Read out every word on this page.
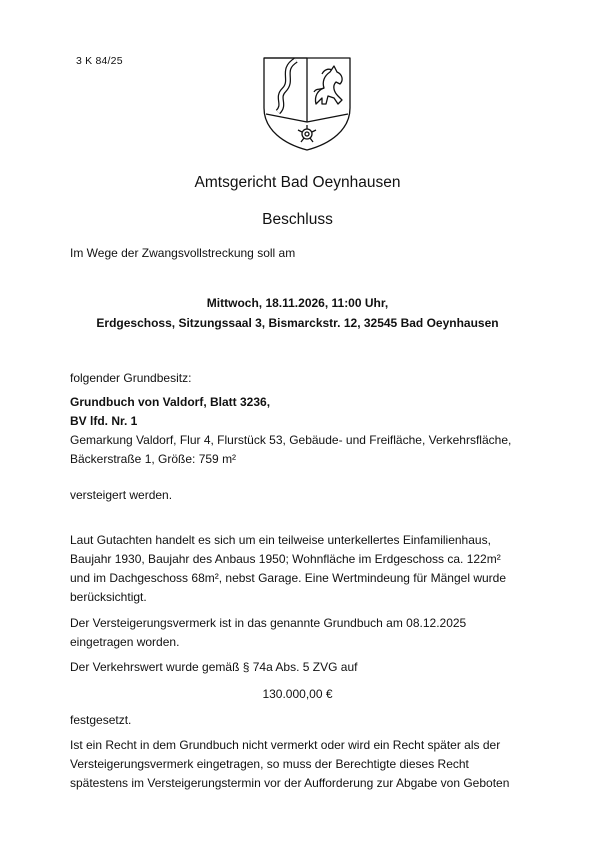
3 K 84/25
Amtsgericht Bad Oeynhausen
Beschluss
Im Wege der Zwangsvollstreckung soll am
Mittwoch, 18.11.2026, 11:00 Uhr,
Erdgeschoss, Sitzungssaal 3, Bismarckstr. 12, 32545 Bad Oeynhausen
folgender Grundbesitz:
Grundbuch von Valdorf, Blatt 3236,
BV lfd. Nr. 1
Gemarkung Valdorf, Flur 4, Flurstück 53, Gebäude- und Freifläche, Verkehrsfläche,
Bäckerstraße 1, Größe: 759 m²
versteigert werden.
Laut Gutachten handelt es sich um ein teilweise unterkellertes Einfamilienhaus,
Baujahr 1930, Baujahr des Anbaus 1950; Wohnfläche im Erdgeschoss ca. 122m²
und im Dachgeschoss 68m², nebst Garage. Eine Wertmindeung für Mängel wurde
berücksichtigt.
Der Versteigerungsvermerk ist in das genannte Grundbuch am 08.12.2025
eingetragen worden.
Der Verkehrswert wurde gemäß § 74a Abs. 5 ZVG auf
130.000,00 €
festgesetzt.
Ist ein Recht in dem Grundbuch nicht vermerkt oder wird ein Recht später als der
Versteigerungsvermerk eingetragen, so muss der Berechtigte dieses Recht
spätestens im Versteigerungstermin vor der Aufforderung zur Abgabe von Geboten
